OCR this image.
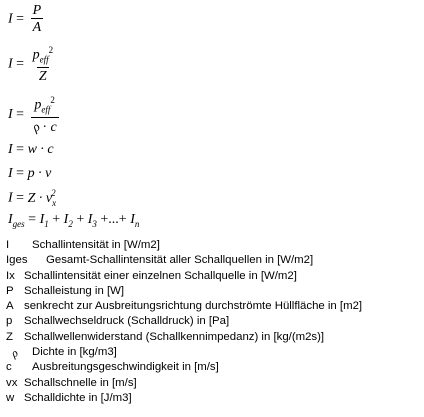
$I = \frac{P}{A}$
$I = \frac{p_{eff}^2}{Z}$
$I = \frac{p_{eff}^2}{\rho \cdot c}$
I = w · c
I = p · v
$I = Z \cdot v_x^2$
$I_{ges} = I_1 + I_2 + I_3$ +...+ $I_n$
I Schallintensität in [W/m2]
Iges Gesamt-Schallintensität aller Schallquellen in [W/m2]
Ix Schallintensität einer einzelnen Schallquelle in [W/m2]
P Schalleistung in [W]
A senkrecht zur Ausbreitungsrichtung durchströmte Hüllfläche in [m2]
p Schallwechseldruck (Schalldruck) in [Pa]
Z Schallwellenwiderstand (Schallkennimpedanz) in [kg/(m2s)]
ρ Dichte in [kg/m3]
c Ausbreitungsgeschwindigkeit in [m/s]
vx Schallschnelle in [m/s]
w Schalldichte in [J/m3]
